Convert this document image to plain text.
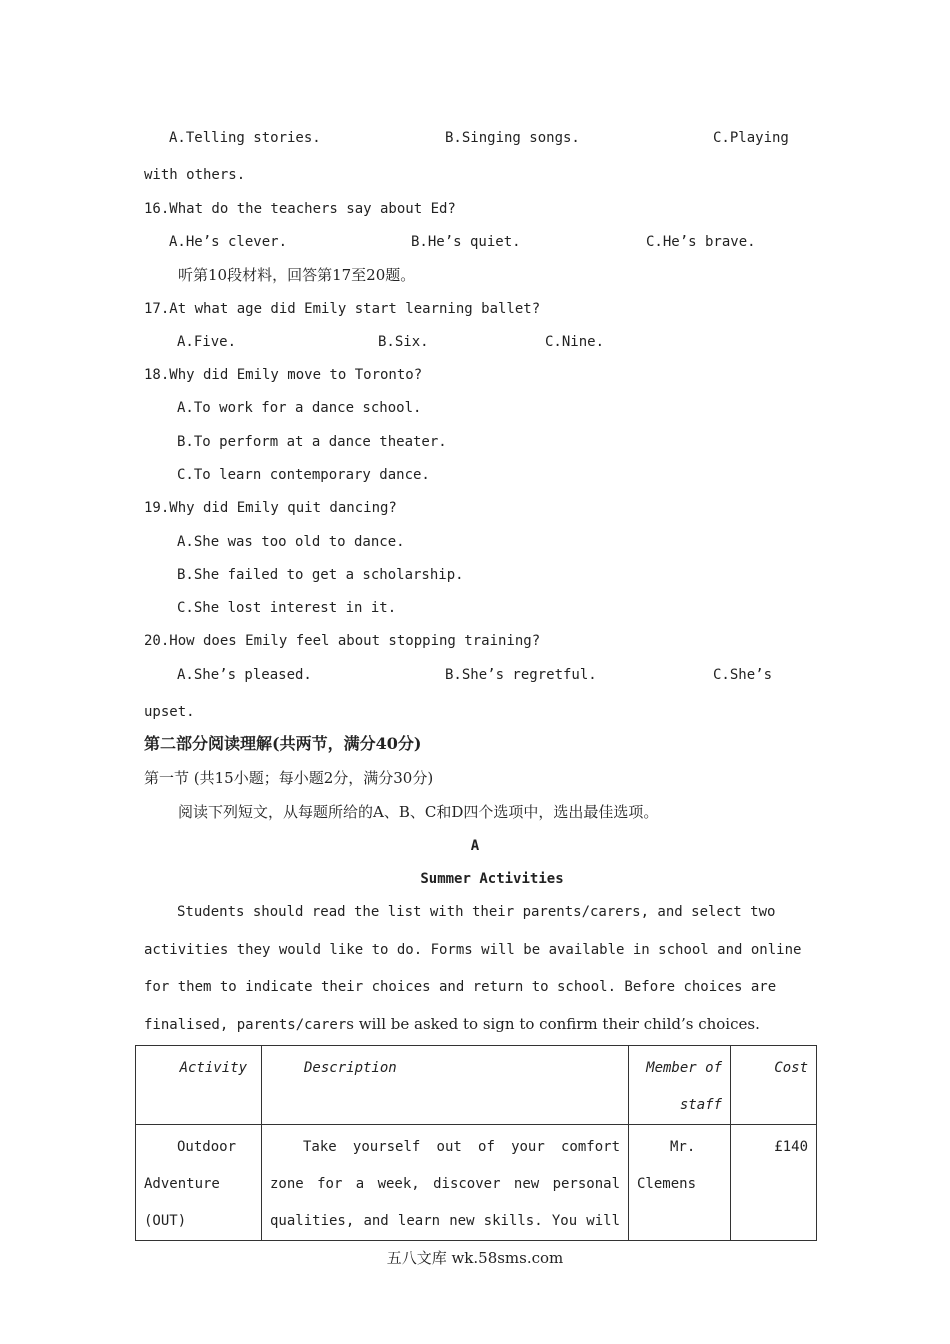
A.Telling stories.	B.Singing songs.	C.Playing
with others.
16.What do the teachers say about Ed?
A.He’s clever.	B.He’s quiet.	C.He’s brave.
听第10段材料，回答第17至20题。
17.At what age did Emily start learning ballet?
A.Five.	B.Six.	C.Nine.
18.Why did Emily move to Toronto?
A.To work for a dance school.
B.To perform at a dance theater.
C.To learn contemporary dance.
19.Why did Emily quit dancing?
A.She was too old to dance.
B.She failed to get a scholarship.
C.She lost interest in it.
20.How does Emily feel about stopping training?
A.She’s pleased.	B.She’s regretful.	C.She’s
upset.
第二部分阅读理解(共两节，满分40分)
第一节 (共15小题；每小题2分，满分30分)
阅读下列短文，从每题所给的A、B、C和D四个选项中，选出最佳选项。
A
Summer Activities
Students should read the list with their parents/carers, and select two
activities they would like to do. Forms will be available in school and online
for them to indicate their choices and return to school. Before choices are
finalised, parents/carers will be asked to sign to confirm their child’s choices.
Activity	Description	Member of staff	Cost
Outdoor Adventure (OUT)	Take yourself out of your comfort zone for a week, discover new personal qualities, and learn new skills. You will	Mr. Clemens	£140
五八文库 wk.58sms.com
